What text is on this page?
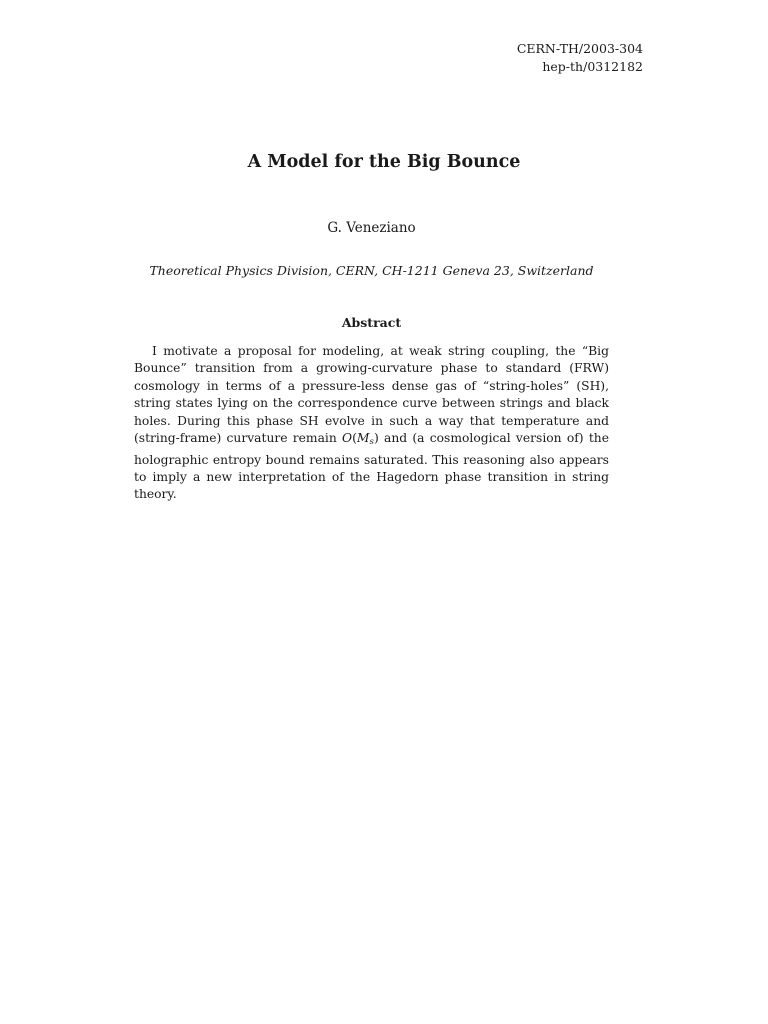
CERN-TH/2003-304
hep-th/0312182
A Model for the Big Bounce
G. Veneziano
Theoretical Physics Division, CERN, CH-1211 Geneva 23, Switzerland
Abstract

I motivate a proposal for modeling, at weak string coupling, the “Big Bounce” transition from a growing-curvature phase to standard (FRW) cosmology in terms of a pressure-less dense gas of “string-holes” (SH), string states lying on the correspondence curve between strings and black holes. During this phase SH evolve in such a way that temperature and (string-frame) curvature remain O(Ms) and (a cosmological version of) the holographic entropy bound remains saturated. This reasoning also appears to imply a new interpretation of the Hagedorn phase transition in string theory.
